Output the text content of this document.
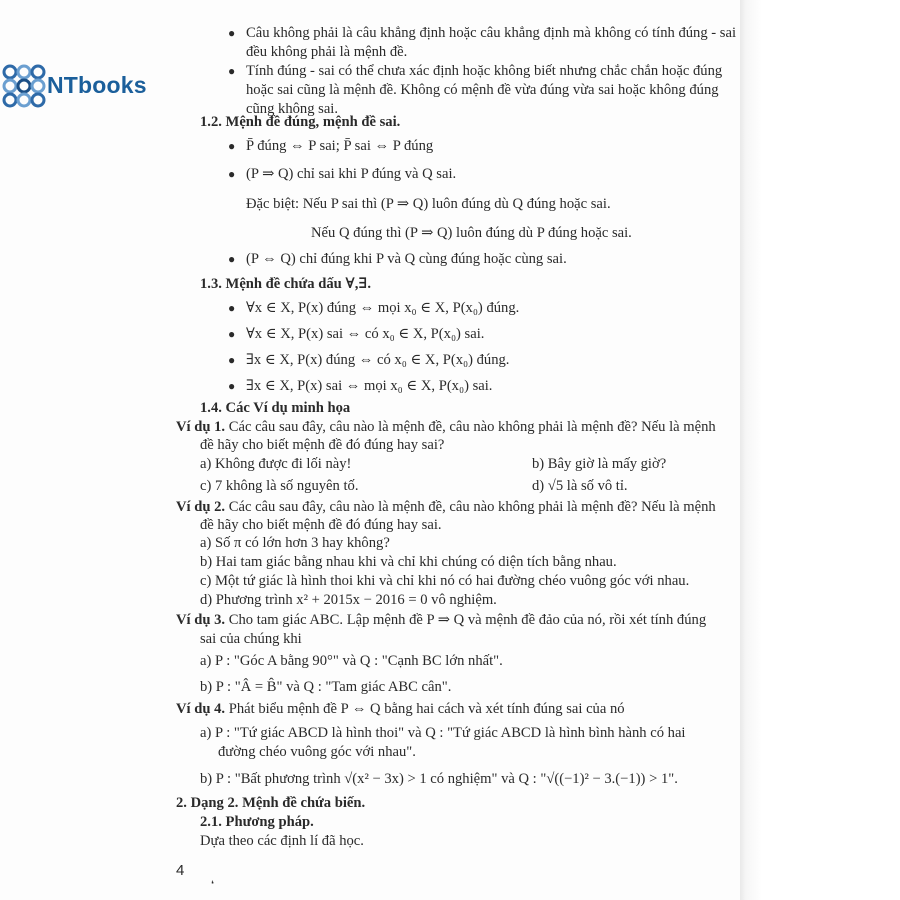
NTbooks
● Câu không phải là câu khẳng định hoặc câu khẳng định mà không có tính đúng - sai đều không phải là mệnh đề.
● Tính đúng - sai có thể chưa xác định hoặc không biết nhưng chắc chắn hoặc đúng hoặc sai cũng là mệnh đề. Không có mệnh đề vừa đúng vừa sai hoặc không đúng cũng không sai.
1.2. Mệnh đề đúng, mệnh đề sai.
● P̄ đúng ⇔ P sai; P̄ sai ⇔ P đúng
● (P ⇒ Q) chỉ sai khi P đúng và Q sai.
Đặc biệt: Nếu P sai thì (P ⇒ Q) luôn đúng dù Q đúng hoặc sai.
Nếu Q đúng thì (P ⇒ Q) luôn đúng dù P đúng hoặc sai.
● (P ⇔ Q) chỉ đúng khi P và Q cùng đúng hoặc cùng sai.
1.3. Mệnh đề chứa dấu ∀,∃.
● ∀x ∈ X, P(x) đúng ⇔ mọi x₀ ∈ X, P(x₀) đúng.
● ∀x ∈ X, P(x) sai ⇔ có x₀ ∈ X, P(x₀) sai.
● ∃x ∈ X, P(x) đúng ⇔ có x₀ ∈ X, P(x₀) đúng.
● ∃x ∈ X, P(x) sai ⇔ mọi x₀ ∈ X, P(x₀) sai.
1.4. Các Ví dụ minh họa
Ví dụ 1. Các câu sau đây, câu nào là mệnh đề, câu nào không phải là mệnh đề? Nếu là mệnh
đề hãy cho biết mệnh đề đó đúng hay sai?
a) Không được đi lối này!	b) Bây giờ là mấy giờ?
c) 7 không là số nguyên tố.	d) √5 là số vô tỉ.
Ví dụ 2. Các câu sau đây, câu nào là mệnh đề, câu nào không phải là mệnh đề? Nếu là mệnh
đề hãy cho biết mệnh đề đó đúng hay sai.
a) Số π có lớn hơn 3 hay không?
b) Hai tam giác bằng nhau khi và chỉ khi chúng có diện tích bằng nhau.
c) Một tứ giác là hình thoi khi và chỉ khi nó có hai đường chéo vuông góc với nhau.
d) Phương trình x² + 2015x − 2016 = 0 vô nghiệm.
Ví dụ 3. Cho tam giác ABC. Lập mệnh đề P ⇒ Q và mệnh đề đảo của nó, rồi xét tính đúng
sai của chúng khi
a) P : "Góc A bằng 90°" và Q : "Cạnh BC lớn nhất".
b) P : "Â = B̂" và Q : "Tam giác ABC cân".
Ví dụ 4. Phát biểu mệnh đề P ⇔ Q bằng hai cách và xét tính đúng sai của nó
a) P : "Tứ giác ABCD là hình thoi" và Q : "Tứ giác ABCD là hình bình hành có hai
đường chéo vuông góc với nhau".
b) P : "Bất phương trình √(x² − 3x) > 1 có nghiệm" và Q : "√((−1)² − 3.(−1)) > 1".
2. Dạng 2. Mệnh đề chứa biến.
2.1. Phương pháp.
Dựa theo các định lí đã học.
4
❛
